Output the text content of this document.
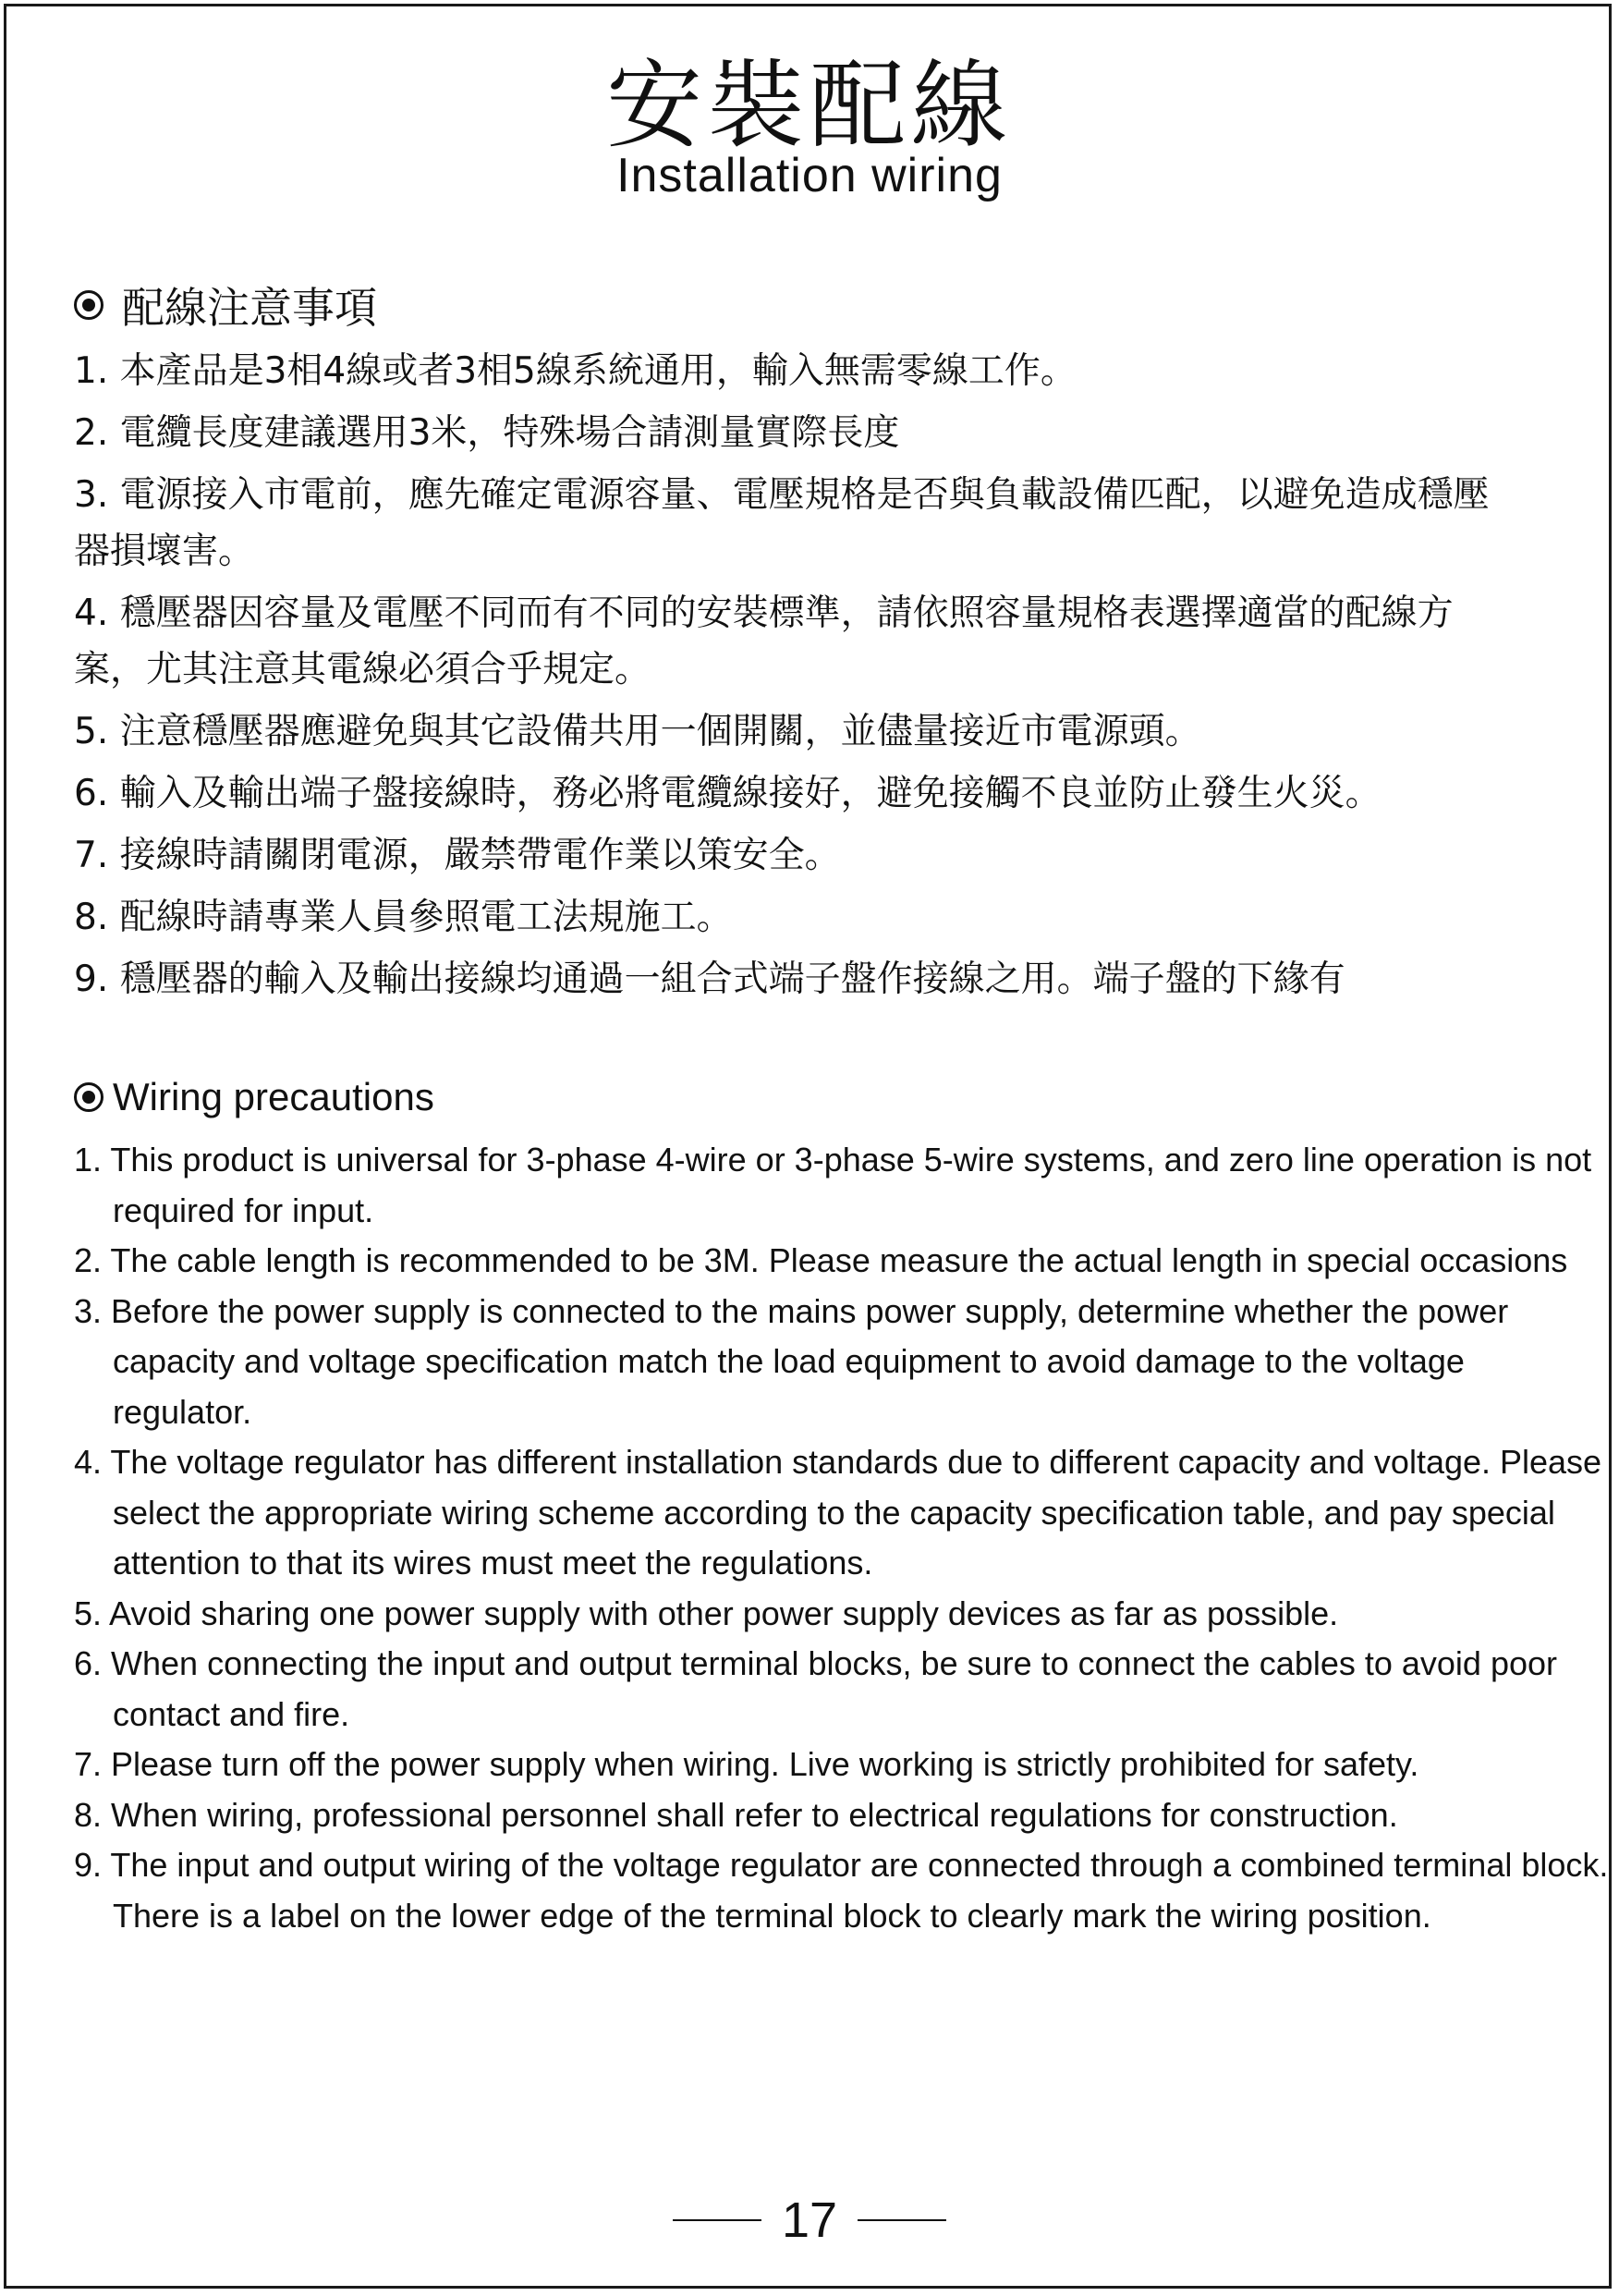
安裝配線
Installation wiring
配線注意事項
1. 本產品是3相4線或者3相5線系統通用，輸入無需零線工作。
2. 電纜長度建議選用3米，特殊場合請測量實際長度
3. 電源接入市電前，應先確定電源容量、電壓規格是否與負載設備匹配，以避免造成穩壓器損壞害。
4. 穩壓器因容量及電壓不同而有不同的安裝標準，請依照容量規格表選擇適當的配線方案，尤其注意其電線必須合乎規定。
5. 注意穩壓器應避免與其它設備共用一個開關，並儘量接近市電源頭。
6. 輸入及輸出端子盤接線時，務必將電纜線接好，避免接觸不良並防止發生火災。
7. 接線時請關閉電源，嚴禁帶電作業以策安全。
8. 配線時請專業人員參照電工法規施工。
9. 穩壓器的輸入及輸出接線均通過一組合式端子盤作接線之用。端子盤的下緣有
Wiring precautions
1. This product is universal for 3-phase 4-wire or 3-phase 5-wire systems, and zero line operation is not required for input.
2. The cable length is recommended to be 3M. Please measure the actual length in special occasions
3. Before the power supply is connected to the mains power supply, determine whether the power capacity and voltage specification match the load equipment to avoid damage to the voltage regulator.
4. The voltage regulator has different installation standards due to different capacity and voltage. Please select the appropriate wiring scheme according to the capacity specification table, and pay special attention to that its wires must meet the regulations.
5. Avoid sharing one power supply with other power supply devices as far as possible.
6. When connecting the input and output terminal blocks, be sure to connect the cables to avoid poor contact and fire.
7. Please turn off the power supply when wiring. Live working is strictly prohibited for safety.
8. When wiring, professional personnel shall refer to electrical regulations for construction.
9. The input and output wiring of the voltage regulator are connected through a combined terminal block. There is a label on the lower edge of the terminal block to clearly mark the wiring position.
17
